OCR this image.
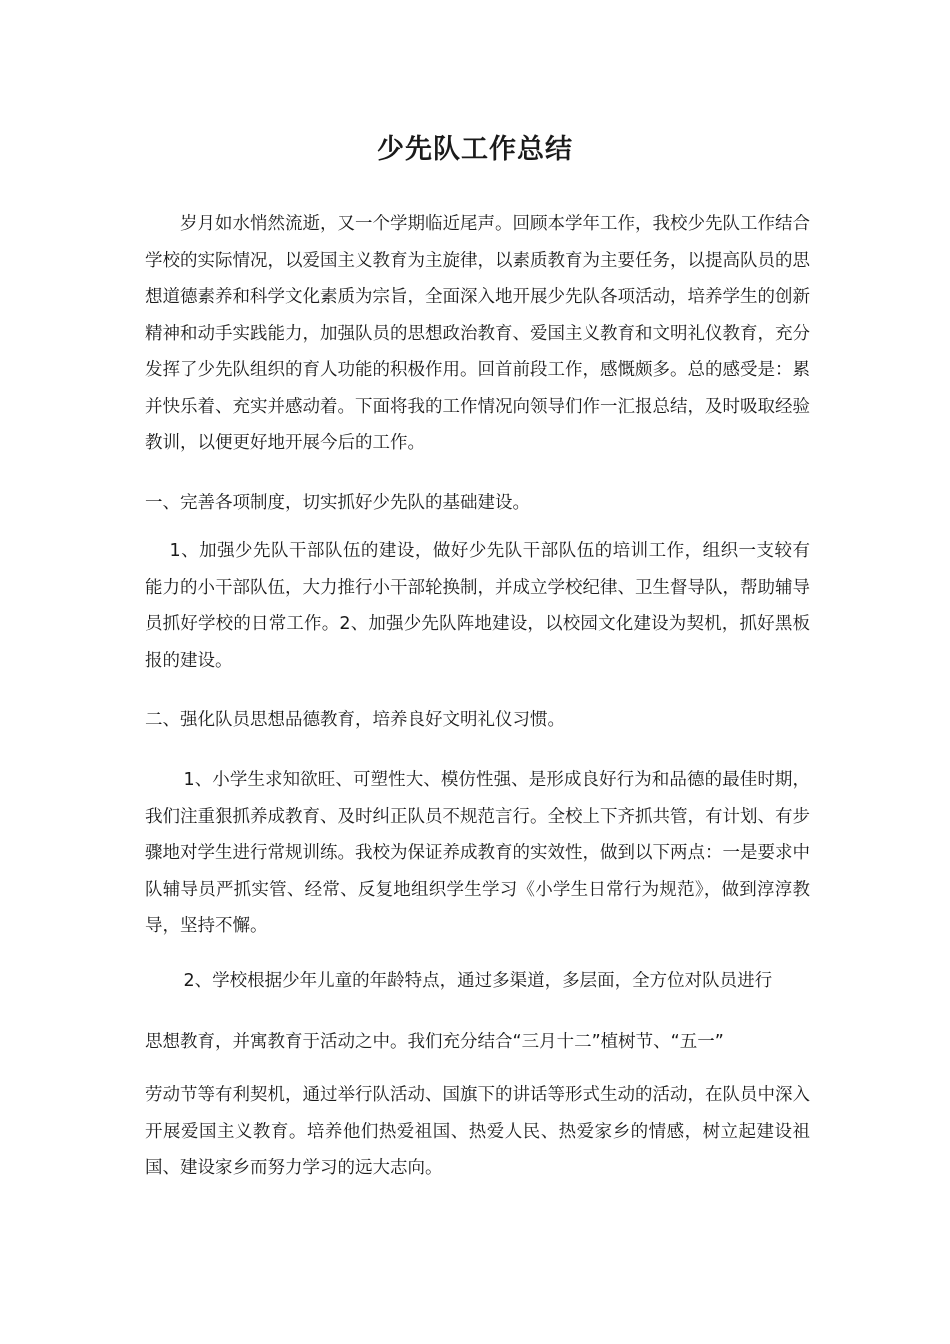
少先队工作总结

岁月如水悄然流逝，又一个学期临近尾声。回顾本学年工作，我校少先队工作结合学校的实际情况，以爱国主义教育为主旋律，以素质教育为主要任务，以提高队员的思想道德素养和科学文化素质为宗旨，全面深入地开展少先队各项活动，培养学生的创新精神和动手实践能力，加强队员的思想政治教育、爱国主义教育和文明礼仪教育，充分发挥了少先队组织的育人功能的积极作用。回首前段工作，感慨颇多。总的感受是：累并快乐着、充实并感动着。下面将我的工作情况向领导们作一汇报总结，及时吸取经验教训，以便更好地开展今后的工作。

一、完善各项制度，切实抓好少先队的基础建设。

1、加强少先队干部队伍的建设，做好少先队干部队伍的培训工作，组织一支较有能力的小干部队伍，大力推行小干部轮换制，并成立学校纪律、卫生督导队，帮助辅导员抓好学校的日常工作。2、加强少先队阵地建设，以校园文化建设为契机，抓好黑板报的建设。

二、强化队员思想品德教育，培养良好文明礼仪习惯。

1、小学生求知欲旺、可塑性大、模仿性强、是形成良好行为和品德的最佳时期，我们注重狠抓养成教育、及时纠正队员不规范言行。全校上下齐抓共管，有计划、有步骤地对学生进行常规训练。我校为保证养成教育的实效性，做到以下两点：一是要求中队辅导员严抓实管、经常、反复地组织学生学习《小学生日常行为规范》，做到淳淳教导，坚持不懈。

2、学校根据少年儿童的年龄特点，通过多渠道，多层面，全方位对队员进行

思想教育，并寓教育于活动之中。我们充分结合“三月十二”植树节、“五一”

劳动节等有利契机，通过举行队活动、国旗下的讲话等形式生动的活动，在队员中深入开展爱国主义教育。培养他们热爱祖国、热爱人民、热爱家乡的情感，树立起建设祖国、建设家乡而努力学习的远大志向。
